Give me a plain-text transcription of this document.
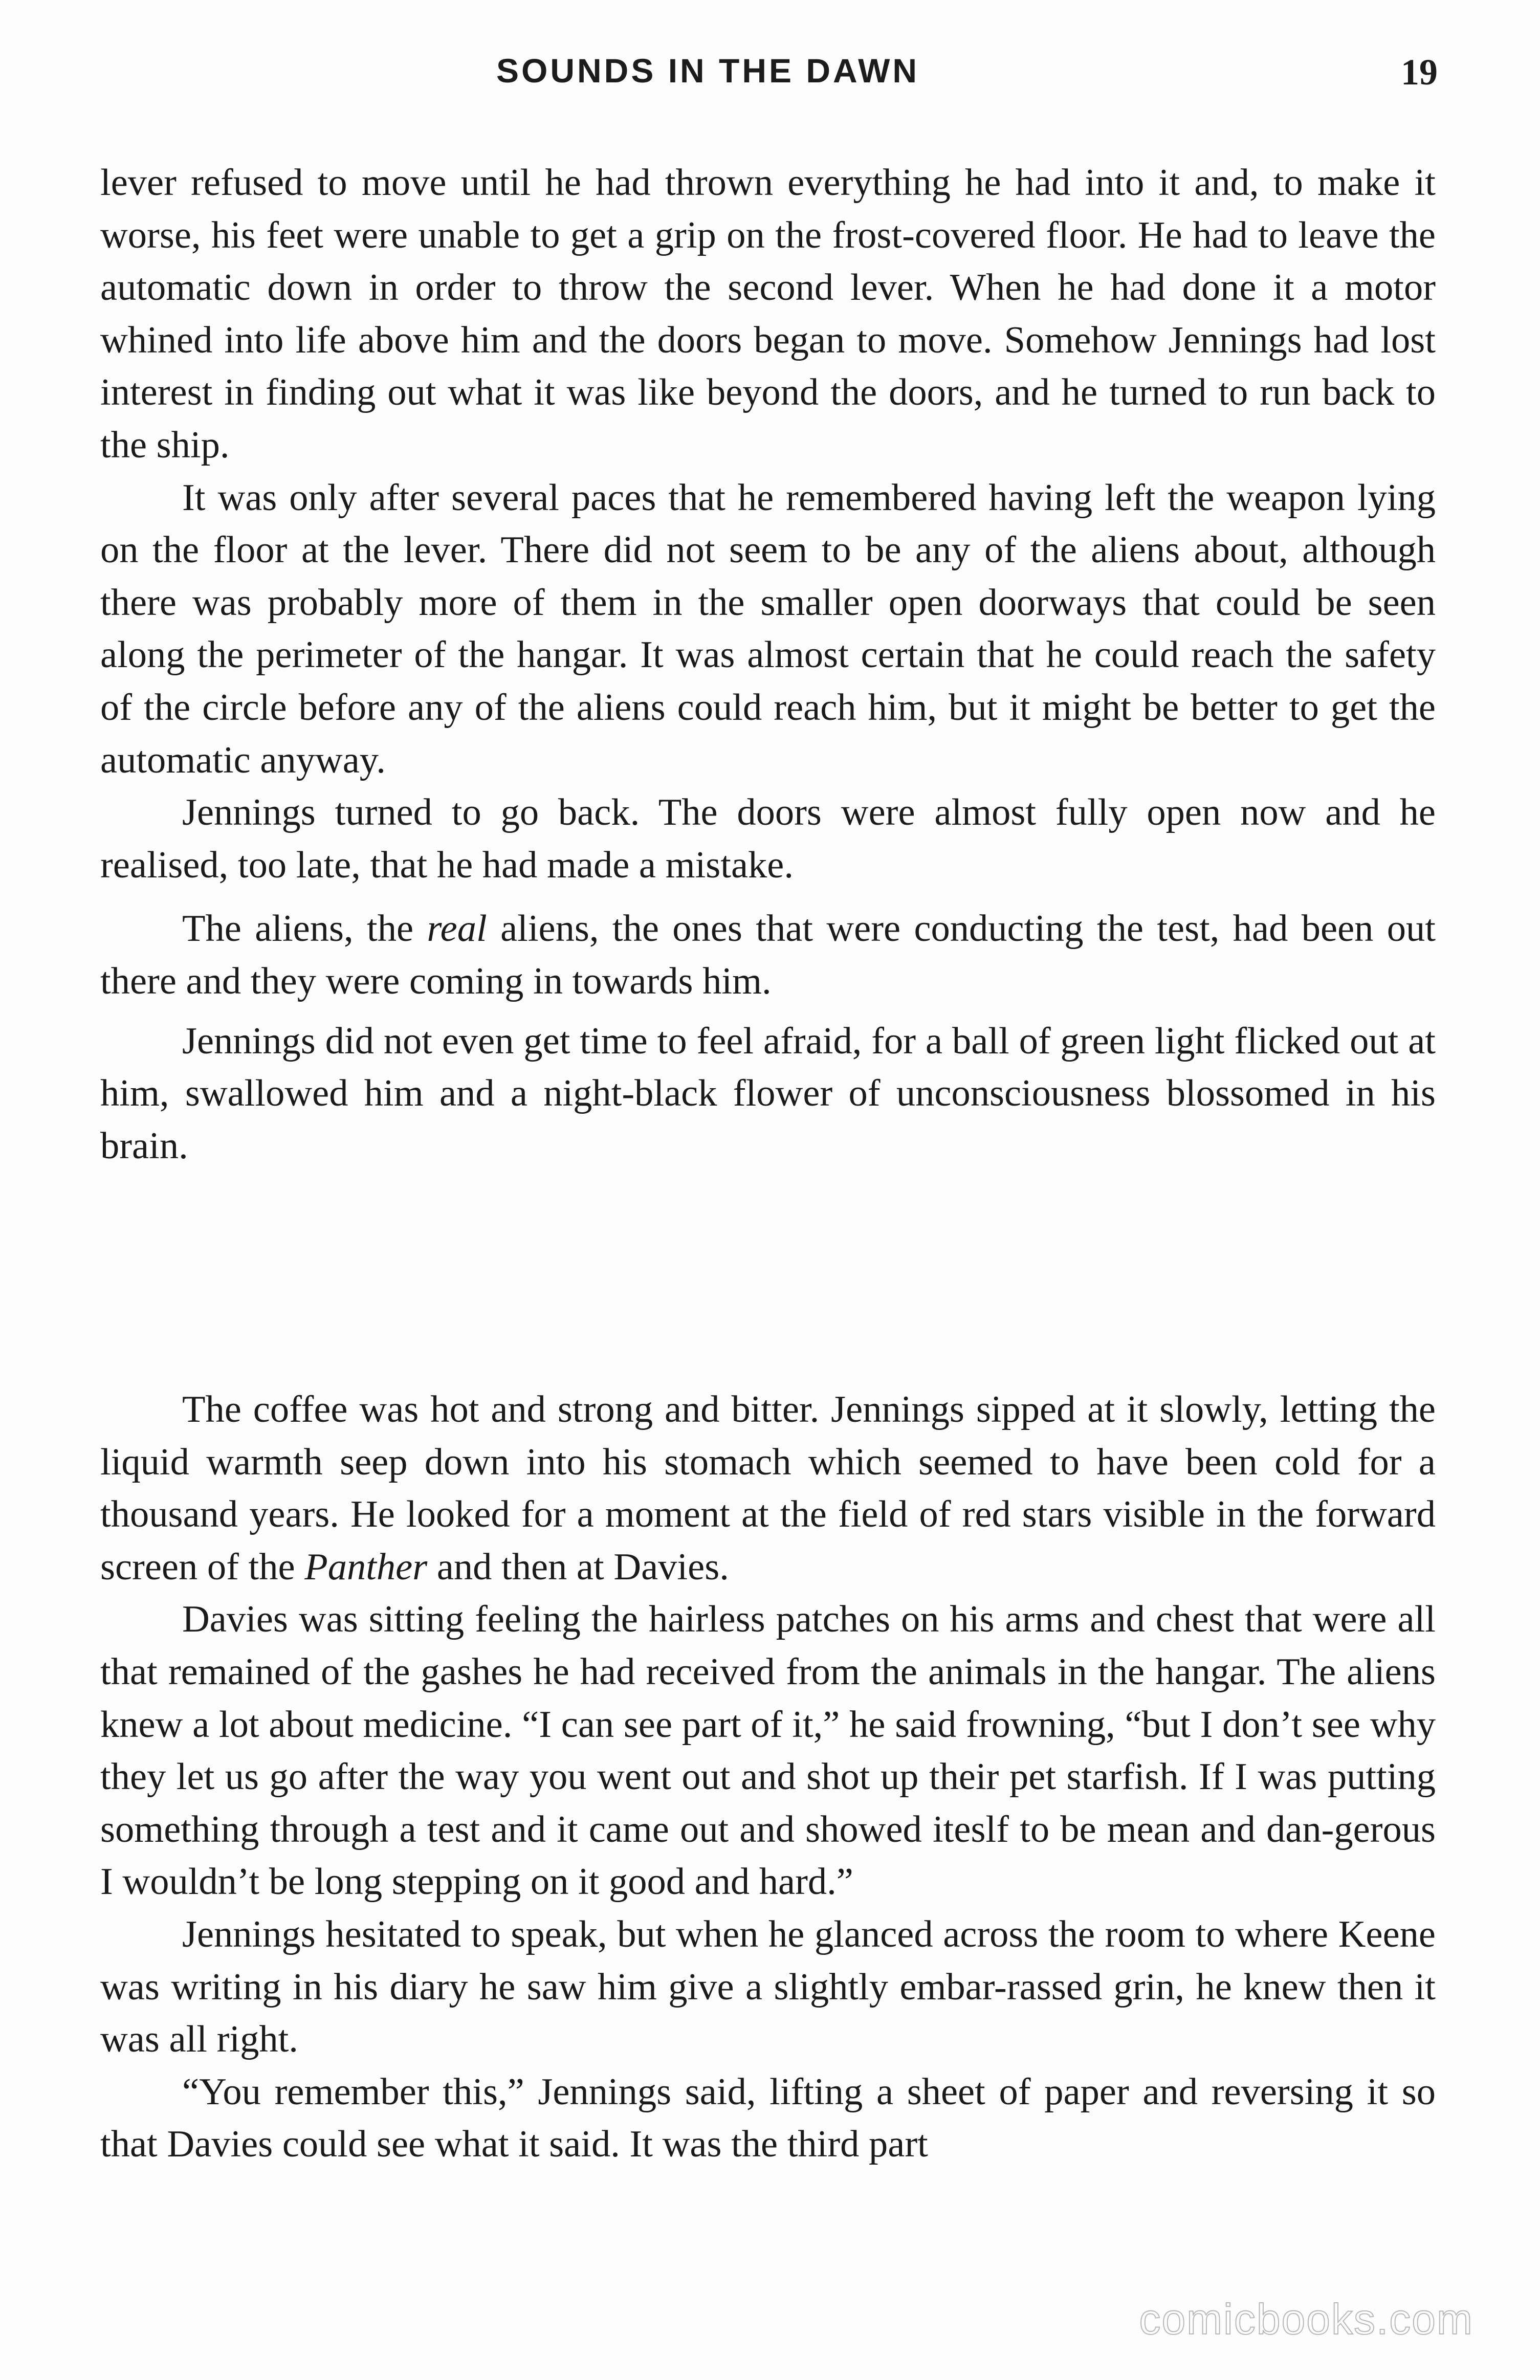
SOUNDS IN THE DAWN	19

lever refused to move until he had thrown everything he had into it and, to make it worse, his feet were unable to get a grip on the frost-covered floor. He had to leave the automatic down in order to throw the second lever. When he had done it a motor whined into life above him and the doors began to move. Somehow Jennings had lost interest in finding out what it was like beyond the doors, and he turned to run back to the ship.

It was only after several paces that he remembered having left the weapon lying on the floor at the lever. There did not seem to be any of the aliens about, although there was probably more of them in the smaller open doorways that could be seen along the perimeter of the hangar. It was almost certain that he could reach the safety of the circle before any of the aliens could reach him, but it might be better to get the automatic anyway.

Jennings turned to go back. The doors were almost fully open now and he realised, too late, that he had made a mistake.

The aliens, the real aliens, the ones that were conducting the test, had been out there and they were coming in towards him.

Jennings did not even get time to feel afraid, for a ball of green light flicked out at him, swallowed him and a night-black flower of unconsciousness blossomed in his brain.

The coffee was hot and strong and bitter. Jennings sipped at it slowly, letting the liquid warmth seep down into his stomach which seemed to have been cold for a thousand years. He looked for a moment at the field of red stars visible in the forward screen of the Panther and then at Davies.

Davies was sitting feeling the hairless patches on his arms and chest that were all that remained of the gashes he had received from the animals in the hangar. The aliens knew a lot about medicine. “I can see part of it,” he said frowning, “but I don’t see why they let us go after the way you went out and shot up their pet starfish. If I was putting something through a test and it came out and showed iteslf to be mean and dan-gerous I wouldn’t be long stepping on it good and hard.”

Jennings hesitated to speak, but when he glanced across the room to where Keene was writing in his diary he saw him give a slightly embar-rassed grin, he knew then it was all right.

“You remember this,” Jennings said, lifting a sheet of paper and reversing it so that Davies could see what it said. It was the third part

comicbooks.com
